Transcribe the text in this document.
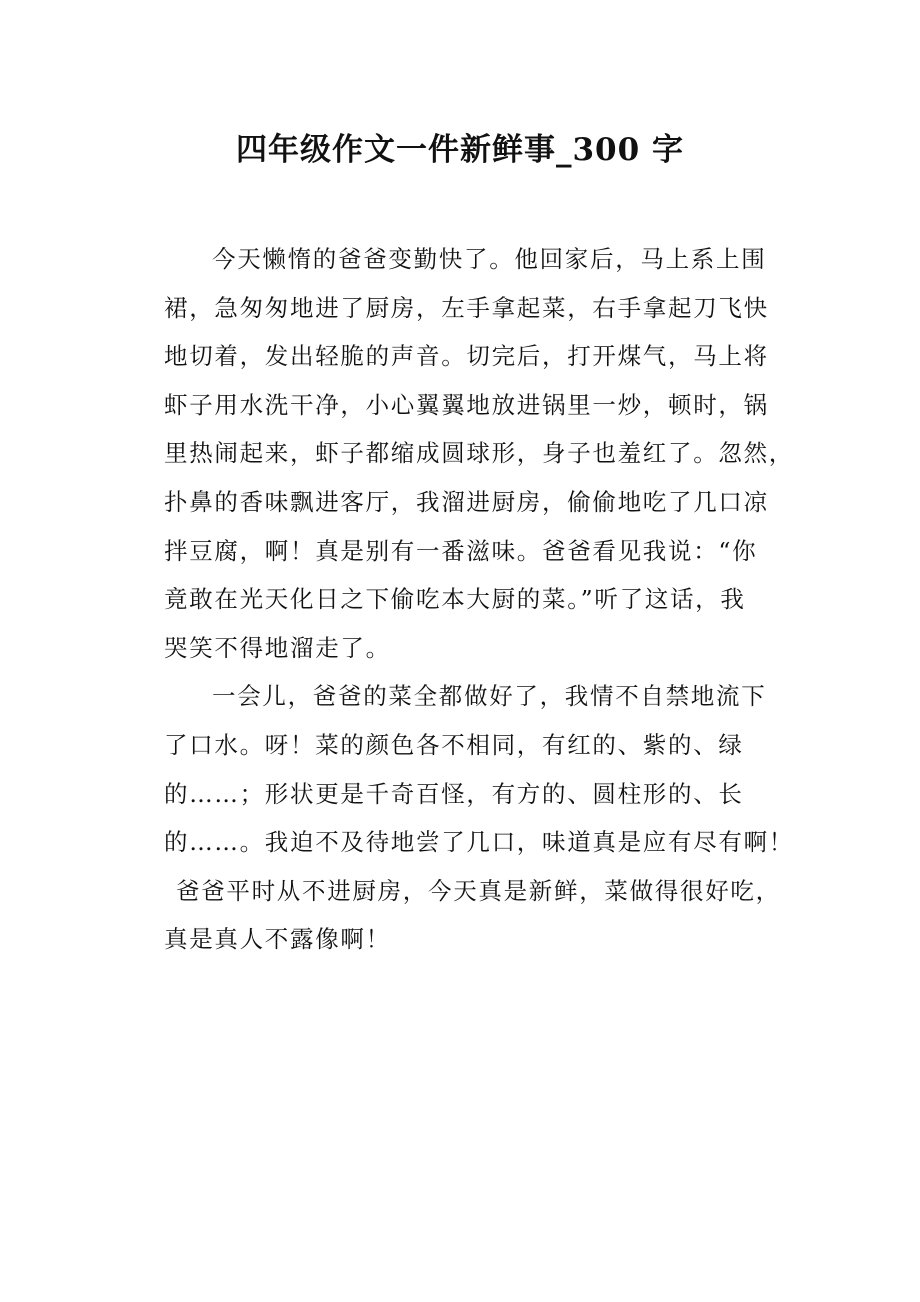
四年级作文一件新鲜事_300 字
今天懒惰的爸爸变勤快了。他回家后，马上系上围
裙，急匆匆地进了厨房，左手拿起菜，右手拿起刀飞快
地切着，发出轻脆的声音。切完后，打开煤气，马上将
虾子用水洗干净，小心翼翼地放进锅里一炒，顿时，锅
里热闹起来，虾子都缩成圆球形，身子也羞红了。忽然，
扑鼻的香味飘进客厅，我溜进厨房，偷偷地吃了几口凉
拌豆腐，啊！真是别有一番滋味。爸爸看见我说：“你
竟敢在光天化日之下偷吃本大厨的菜。”听了这话，我
哭笑不得地溜走了。
一会儿，爸爸的菜全都做好了，我情不自禁地流下
了口水。呀！菜的颜色各不相同，有红的、紫的、绿
的……；形状更是千奇百怪，有方的、圆柱形的、长
的……。我迫不及待地尝了几口，味道真是应有尽有啊！
爸爸平时从不进厨房，今天真是新鲜，菜做得很好吃，
真是真人不露像啊！
